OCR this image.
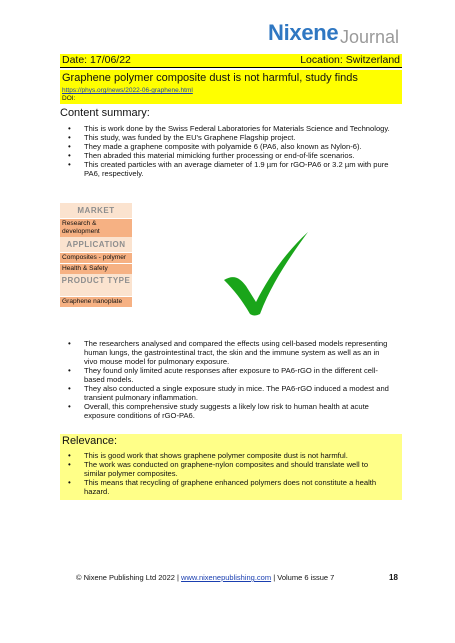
Nixene Journal
Date: 17/06/22	Location: Switzerland
Graphene polymer composite dust is not harmful, study finds
https://phys.org/news/2022-06-graphene.html
DOI:
Content summary:
• This is work done by the Swiss Federal Laboratories for Materials Science and Technology.
• This study, was funded by the EU's Graphene Flagship project.
• They made a graphene composite with polyamide 6 (PA6, also known as Nylon-6).
• Then abraded this material mimicking further processing or end-of-life scenarios.
• This created particles with an average diameter of 1.9 µm for rGO-PA6 or 3.2 µm with pure PA6, respectively.
MARKET
Research & development
APPLICATION
Composites - polymer
Health & Safety
PRODUCT TYPE
Graphene nanoplate
• The researchers analysed and compared the effects using cell-based models representing human lungs, the gastrointestinal tract, the skin and the immune system as well as an in vivo mouse model for pulmonary exposure.
• They found only limited acute responses after exposure to PA6-rGO in the different cell-based models.
• They also conducted a single exposure study in mice. The PA6-rGO induced a modest and transient pulmonary inflammation.
• Overall, this comprehensive study suggests a likely low risk to human health at acute exposure conditions of rGO-PA6.
Relevance:
• This is good work that shows graphene polymer composite dust is not harmful.
• The work was conducted on graphene-nylon composites and should translate well to similar polymer composites.
• This means that recycling of graphene enhanced polymers does not constitute a health hazard.
© Nixene Publishing Ltd 2022 | www.nixenepublishing.com | Volume 6 issue 7	18
